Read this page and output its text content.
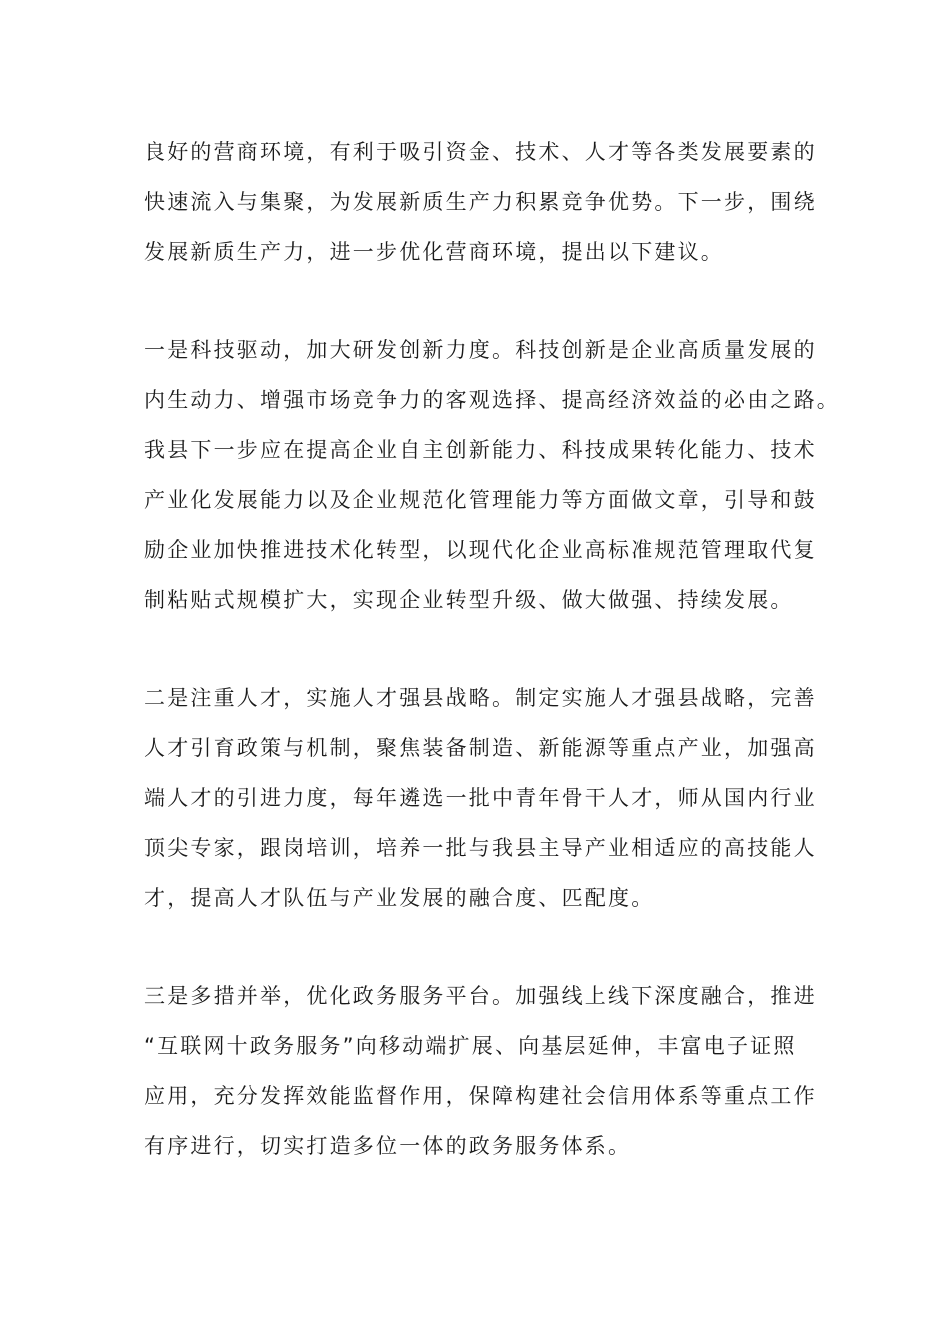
良好的营商环境，有利于吸引资金、技术、人才等各类发展要素的
快速流入与集聚，为发展新质生产力积累竞争优势。下一步，围绕
发展新质生产力，进一步优化营商环境，提出以下建议。
一是科技驱动，加大研发创新力度。科技创新是企业高质量发展的
内生动力、增强市场竞争力的客观选择、提高经济效益的必由之路。
我县下一步应在提高企业自主创新能力、科技成果转化能力、技术
产业化发展能力以及企业规范化管理能力等方面做文章，引导和鼓
励企业加快推进技术化转型，以现代化企业高标准规范管理取代复
制粘贴式规模扩大，实现企业转型升级、做大做强、持续发展。
二是注重人才，实施人才强县战略。制定实施人才强县战略，完善
人才引育政策与机制，聚焦装备制造、新能源等重点产业，加强高
端人才的引进力度，每年遴选一批中青年骨干人才，师从国内行业
顶尖专家，跟岗培训，培养一批与我县主导产业相适应的高技能人
才，提高人才队伍与产业发展的融合度、匹配度。
三是多措并举，优化政务服务平台。加强线上线下深度融合，推进
“互联网十政务服务”向移动端扩展、向基层延伸，丰富电子证照
应用，充分发挥效能监督作用，保障构建社会信用体系等重点工作
有序进行，切实打造多位一体的政务服务体系。
